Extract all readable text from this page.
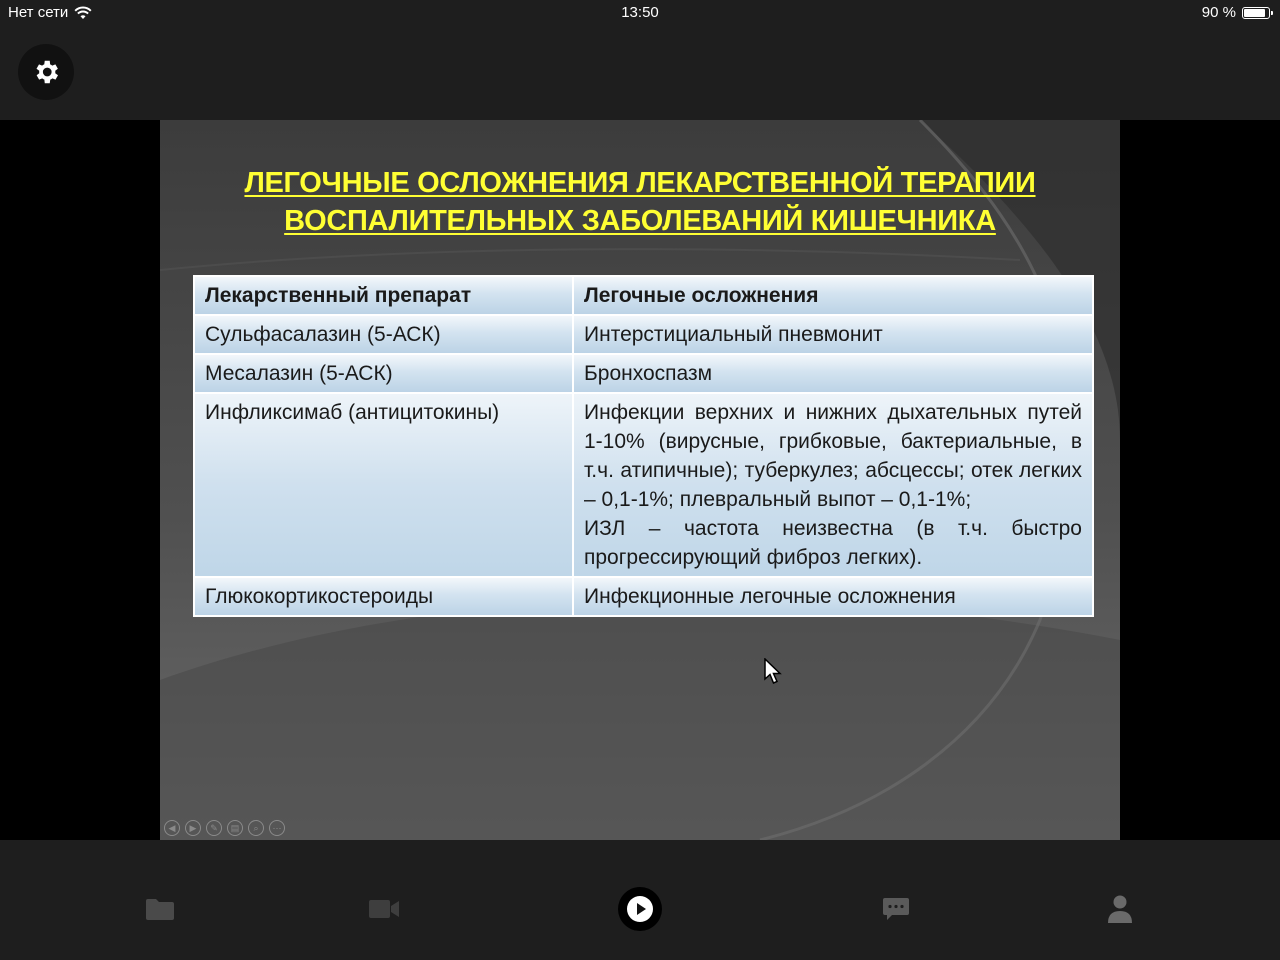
Нет сети	13:50	90 %
ЛЕГОЧНЫЕ ОСЛОЖНЕНИЯ ЛЕКАРСТВЕННОЙ ТЕРАПИИ
ВОСПАЛИТЕЛЬНЫХ ЗАБОЛЕВАНИЙ КИШЕЧНИКА
Лекарственный препарат	Легочные осложнения
Сульфасалазин (5-АСК)	Интерстициальный пневмонит
Месалазин (5-АСК)	Бронхоспазм
Инфликсимаб (антицитокины)	Инфекции верхних и нижних дыхательных путей 1-10% (вирусные, грибковые, бактериальные, в т.ч. атипичные); туберкулез; абсцессы; отек легких – 0,1-1%; плевральный выпот – 0,1-1%;
ИЗЛ – частота неизвестна (в т.ч. быстро прогрессирующий фиброз легких).

Глюкокортикостероиды	Инфекционные легочные осложнения
◀	▶	✎	▤	⌕	⋯
